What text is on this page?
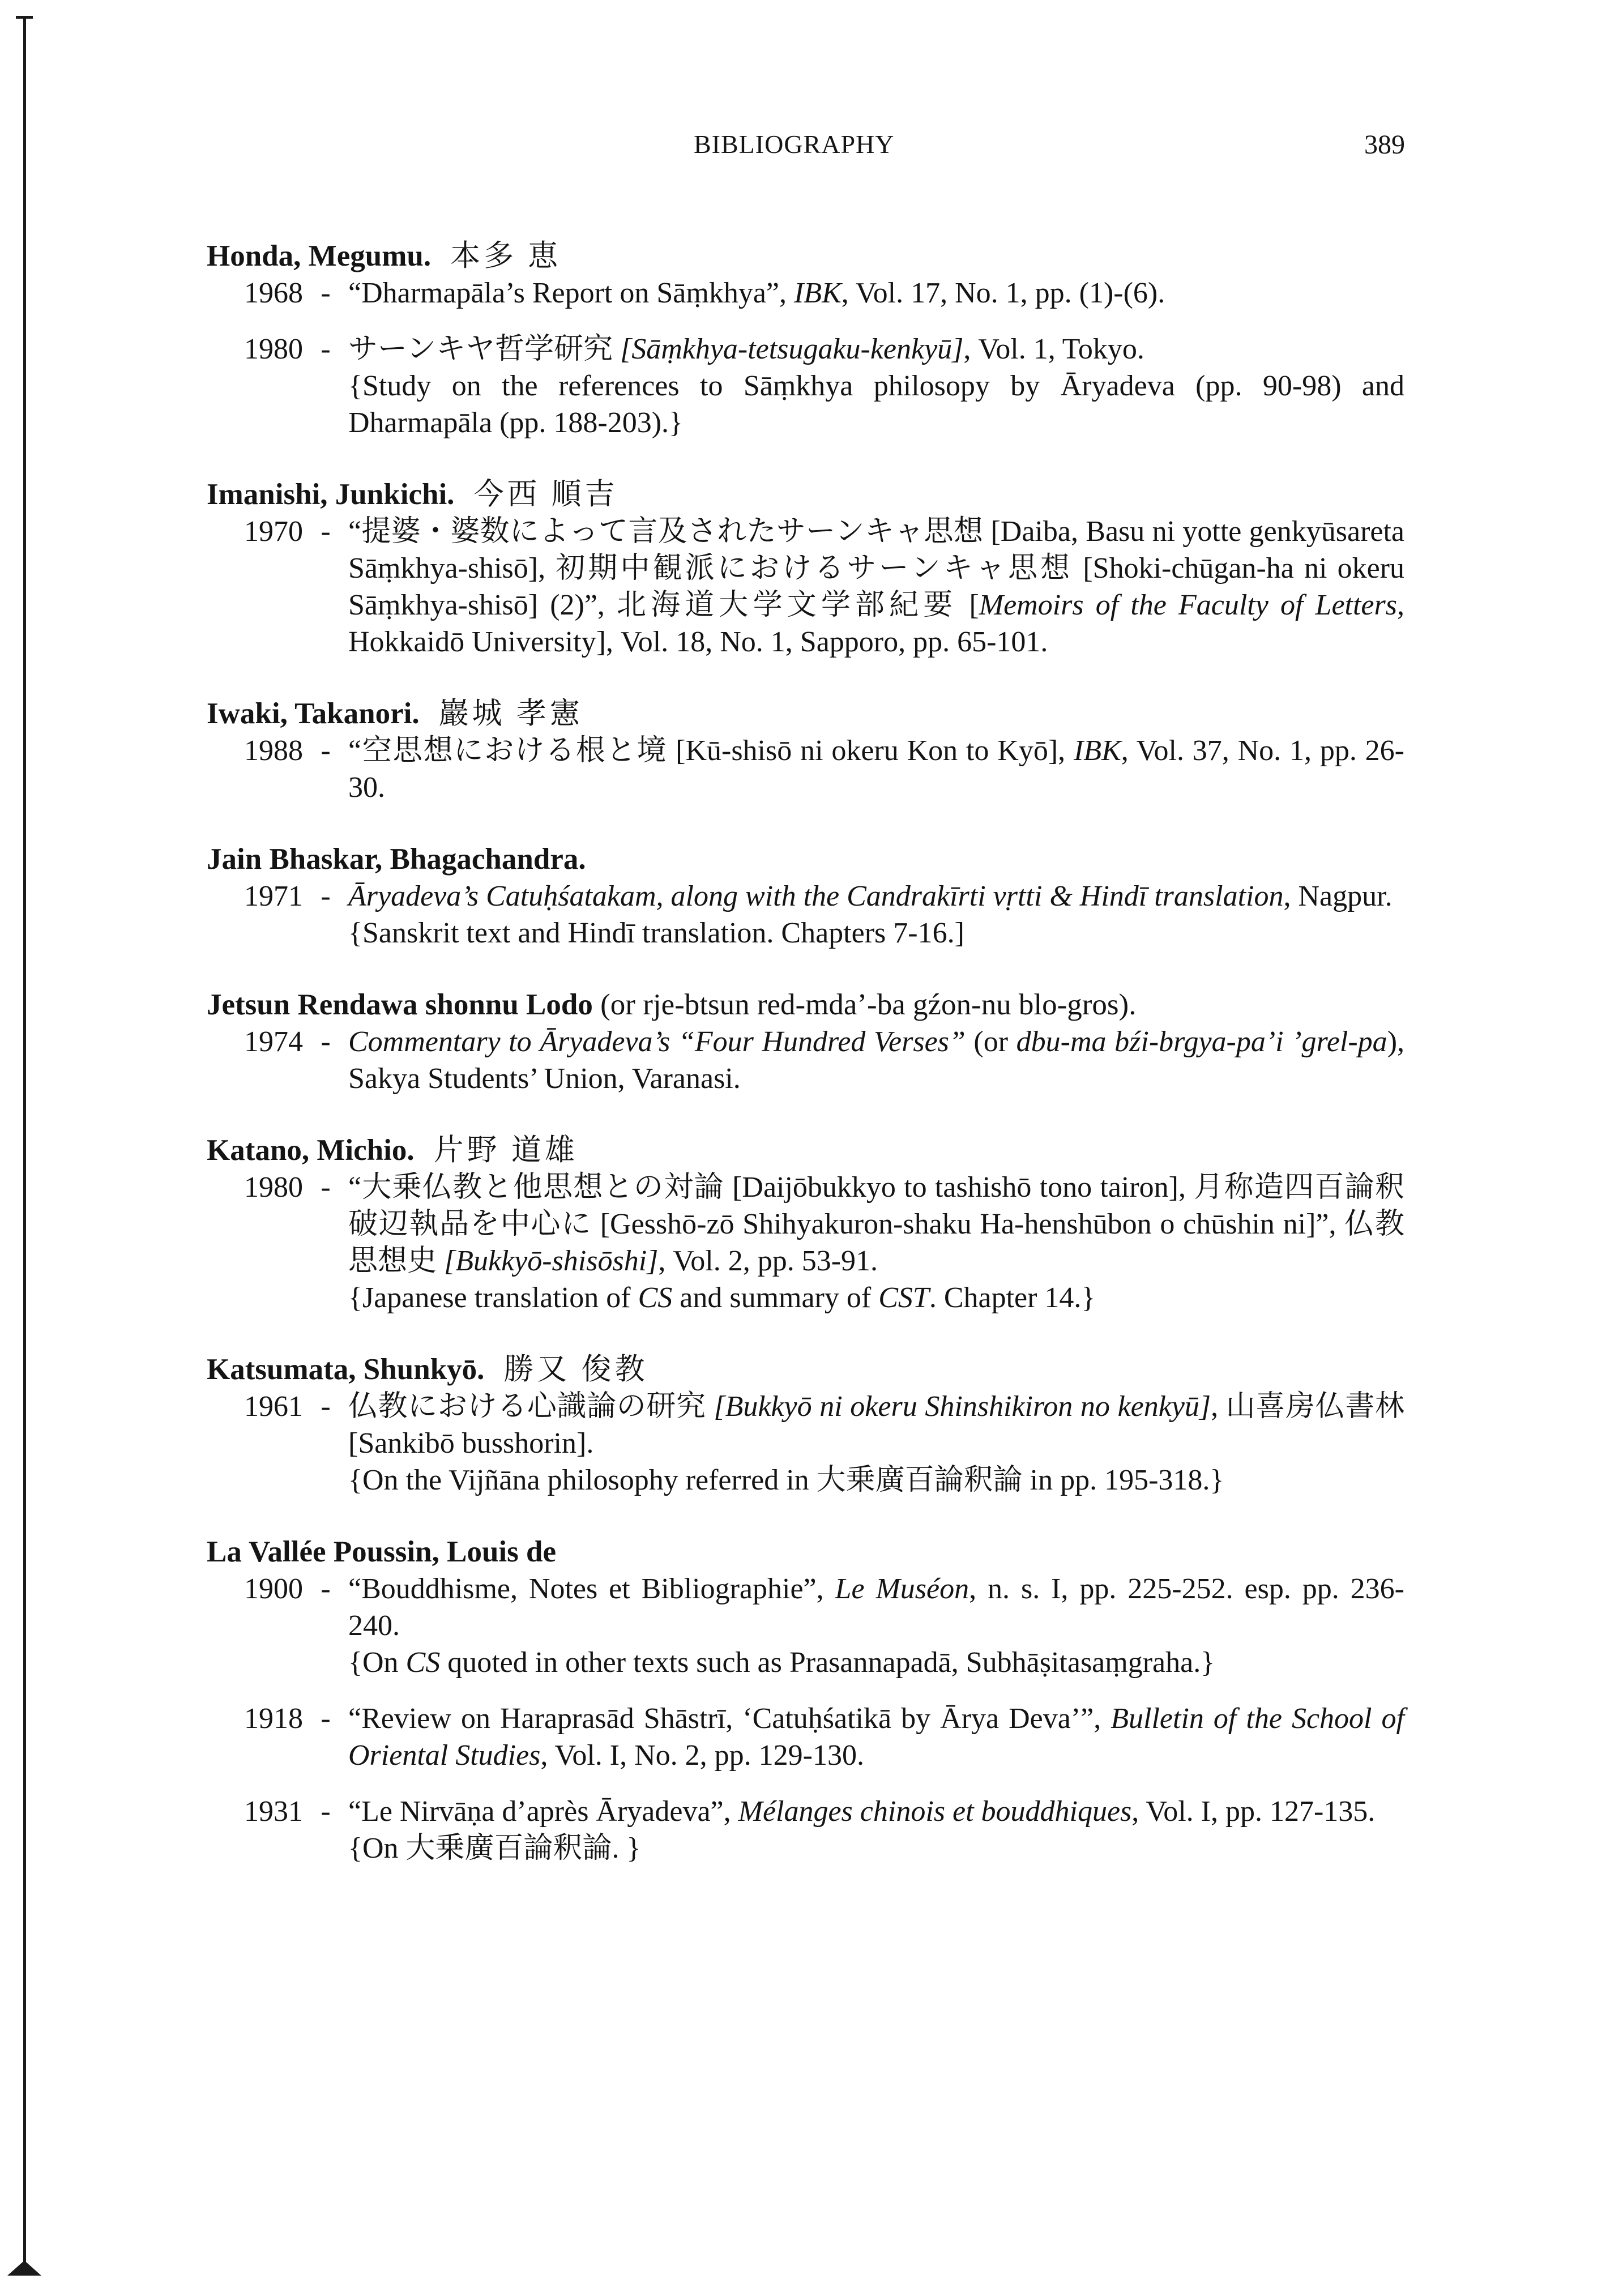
BIBLIOGRAPHY	389
Honda, Megumu. 本多 恵
1968 - “Dharmapāla’s Report on Sāṃkhya”, IBK, Vol. 17, No. 1, pp. (1)-(6).
1980 - サーンキヤ哲学研究 [Sāṃkhya-tetsugaku-kenkyū], Vol. 1, Tokyo.
{Study on the references to Sāṃkhya philosopy by Āryadeva (pp. 90-98) and Dharmapāla (pp. 188-203).}
Imanishi, Junkichi. 今西 順吉
1970 - “提婆・婆数によって言及されたサーンキャ思想 [Daiba, Basu ni yotte genkyūsareta Sāṃkhya-shisō], 初期中観派におけるサーンキャ思想 [Shoki-chūgan-ha ni okeru Sāṃkhya-shisō] (2)”, 北海道大学文学部紀要 [Memoirs of the Faculty of Letters, Hokkaidō University], Vol. 18, No. 1, Sapporo, pp. 65-101.
Iwaki, Takanori. 巖城 孝憲
1988 - “空思想における根と境 [Kū-shisō ni okeru Kon to Kyō], IBK, Vol. 37, No. 1, pp. 26-30.
Jain Bhaskar, Bhagachandra.
1971 - Āryadeva’s Catuḥśatakam, along with the Candrakīrti vṛtti & Hindī translation, Nagpur.
{Sanskrit text and Hindī translation. Chapters 7-16.]
Jetsun Rendawa shonnu Lodo (or rje-btsun red-mda’-ba gźon-nu blo-gros).
1974 - Commentary to Āryadeva’s “Four Hundred Verses” (or dbu-ma bźi-brgya-pa’i ’grel-pa), Sakya Students’ Union, Varanasi.
Katano, Michio. 片野 道雄
1980 - “大乗仏教と他思想との対論 [Daijōbukkyo to tashishō tono tairon], 月称造四百論釈破辺執品を中心に [Gesshō-zō Shihyakuron-shaku Ha-henshūbon o chūshin ni]”, 仏教思想史 [Bukkyō-shisōshi], Vol. 2, pp. 53-91.
{Japanese translation of CS and summary of CST. Chapter 14.}
Katsumata, Shunkyō. 勝又 俊教
1961 - 仏教における心識論の研究 [Bukkyō ni okeru Shinshikiron no kenkyū], 山喜房仏書林 [Sankibō busshorin].
{On the Vijñāna philosophy referred in 大乗廣百論釈論 in pp. 195-318.}
La Vallée Poussin, Louis de
1900 - “Bouddhisme, Notes et Bibliographie”, Le Muséon, n. s. I, pp. 225-252. esp. pp. 236-240.
{On CS quoted in other texts such as Prasannapadā, Subhāṣitasaṃgraha.}
1918 - “Review on Haraprasād Shāstrī, ‘Catuḥśatikā by Ārya Deva’”, Bulletin of the School of Oriental Studies, Vol. I, No. 2, pp. 129-130.
1931 - “Le Nirvāṇa d’après Āryadeva”, Mélanges chinois et bouddhiques, Vol. I, pp. 127-135.
{On 大乗廣百論釈論. }
